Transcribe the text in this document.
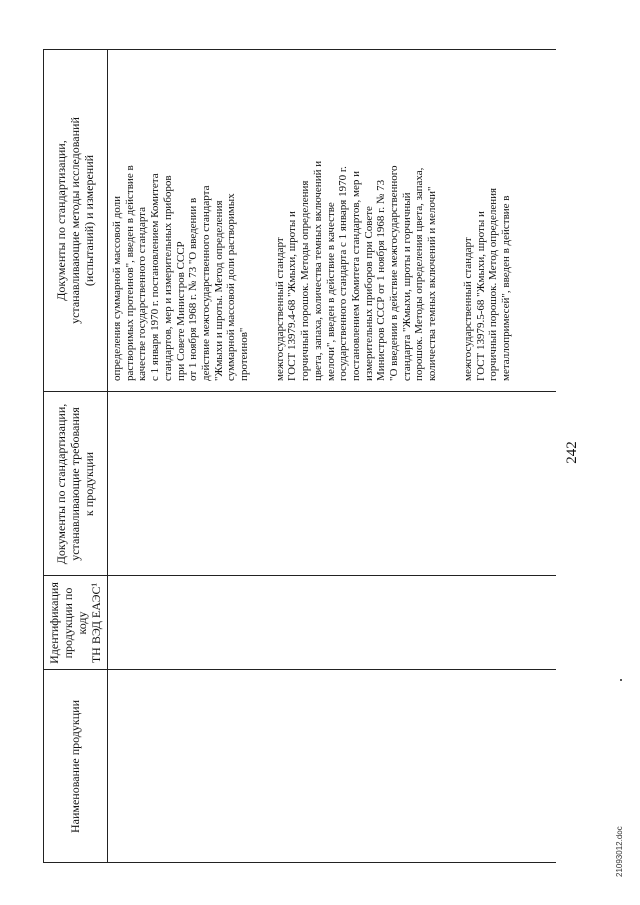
242
Наименование продукции
Идентификация продукции по коду ТН ВЭД ЕАЭС¹
Документы по стандартизации, устанавливающие требования к продукции
Документы по стандартизации, устанавливающие методы исследований (испытаний) и измерений определения суммарной массовой доли растворимых протеинов", введен в действие в качестве государственного стандарта с 1 января 1970 г. постановлением Комитета стандартов, мер и измерительных приборов при Совете Министров СССР от 1 ноября 1968 г. № 73 "О введении в действие межгосударственного стандарта "Жмыхи и шроты. Метод определения суммарной массовой доли растворимых протеинов" межгосударственный стандарт ГОСТ 13979.4-68 "Жмыхи, шроты и горчичный порошок. Методы определения цвета, запаха, количества темных включений и мелочи", введен в действие в качестве государственного стандарта с 1 января 1970 г. постановлением Комитета стандартов, мер и измерительных приборов при Совете Министров СССР от 1 ноября 1968 г. № 73 "О введении в действие межгосударственного стандарта "Жмыхи, шроты и горчичный порошок. Методы определения цвета, запаха, количества темных включений и мелочи" межгосударственный стандарт ГОСТ 13979.5-68 "Жмыхи, шроты и горчичный порошок. Метод определения металлопримесей", введен в действие в
21093012.doc
